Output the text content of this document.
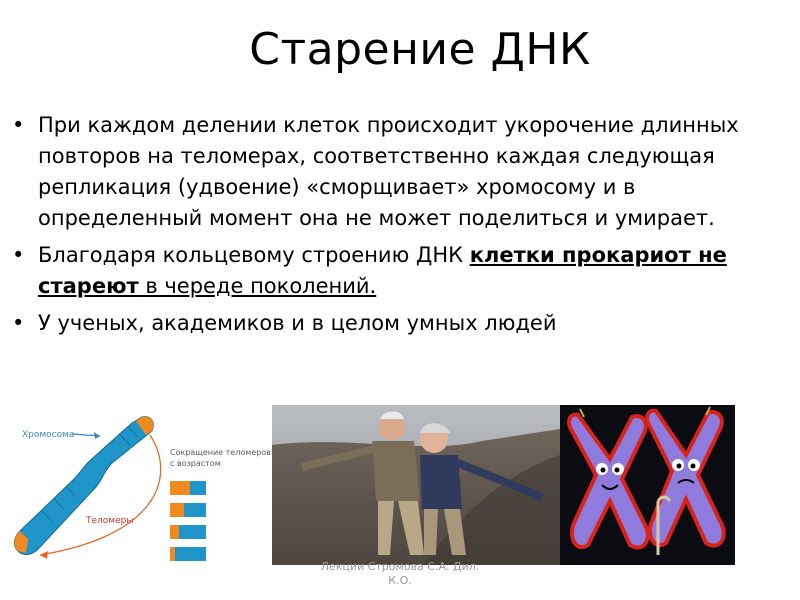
Старение ДНК
• При каждом делении клеток происходит укорочение длинных повторов на теломерах, соответственно каждая следующая репликация (удвоение) «сморщивает» хромосому и в определенный момент она не может поделиться и умирает.
• Благодаря кольцевому строению ДНК клетки прокариот не стареют в череде поколений.
• У ученых, академиков и в целом умных людей
Хромосома
Теломеры
Сокращение теломеров
с возрастом
Лекции Стромова С.А. Дил.
К.О.
